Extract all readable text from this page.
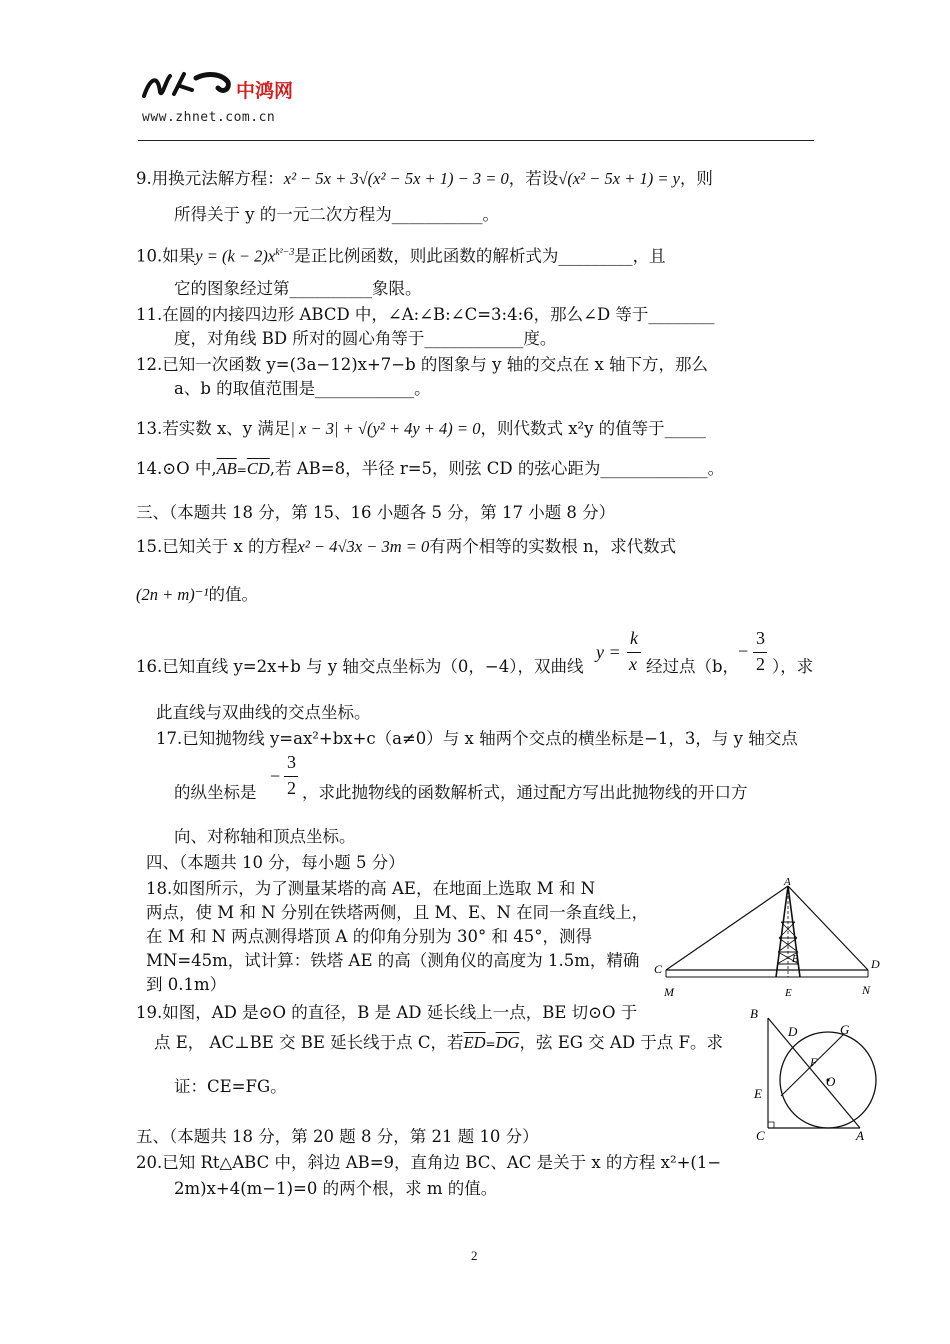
中鸿网
www.zhnet.com.cn
9.用换元法解方程：x² − 5x + 3√(x² − 5x + 1) − 3 = 0，若设√(x² − 5x + 1) = y，则
所得关于 y 的一元二次方程为___________。
10.如果$y = (k - 2)x^{k^2-3}$是正比例函数，则此函数的解析式为_________，且
它的图象经过第__________象限。
11.在圆的内接四边形 ABCD 中，∠A:∠B:∠C=3:4:6，那么∠D 等于________
度，对角线 BD 所对的圆心角等于____________度。
12.已知一次函数 y=(3a−12)x+7−b 的图象与 y 轴的交点在 x 轴下方，那么
a、b 的取值范围是____________。
13.若实数 x、y 满足| x − 3| + √(y² + 4y + 4) = 0，则代数式 x²y 的值等于_____
14.⊙O 中$,\overline{AB}=\overline{CD}$,若 AB=8，半径 r=5，则弦 CD 的弦心距为_____________。
三、（本题共 18 分，第 15、16 小题各 5 分，第 17 小题 8 分）
15.已知关于 x 的方程x² − 4√3x − 3m = 0有两个相等的实数根 n，求代数式
(2n + m)⁻¹的值。
16.已知直线 y=2x+b 与 y 轴交点坐标为（0，−4），双曲线
y =
k
x 经过点（b，
−
3
2 ），求
此直线与双曲线的交点坐标。
17.已知抛物线 y=ax²+bx+c（a≠0）与 x 轴两个交点的横坐标是−1，3，与 y 轴交点
的纵坐标是
−
3
2 ，求此抛物线的函数解析式，通过配方写出此抛物线的开口方
向、对称轴和顶点坐标。
四、（本题共 10 分，每小题 5 分）
18.如图所示，为了测量某塔的高 AE，在地面上选取 M 和 N
两点，使 M 和 N 分别在铁塔两侧，且 M、E、N 在同一条直线上，
在 M 和 N 两点测得塔顶 A 的仰角分别为 30° 和 45°，测得
MN=45m，试计算：铁塔 AE 的高（测角仪的高度为 1.5m，精确
到 0.1m）
A
B
C	D
M	E	N
19.如图，AD 是⊙O 的直径，B 是 AD 延长线上一点，BE 切⊙O 于
点 E， AC⊥BE 交 BE 延长线于点 C，若$\overline{ED}=\overline{DG}$，弦 EG 交 AD 于点 F。求
证：CE=FG。
B
D	G
F
O
E
C	A
五、（本题共 18 分，第 20 题 8 分，第 21 题 10 分）
20.已知 Rt△ABC 中，斜边 AB=9，直角边 BC、AC 是关于 x 的方程 x²+(1−
2m)x+4(m−1)=0 的两个根，求 m 的值。
2
